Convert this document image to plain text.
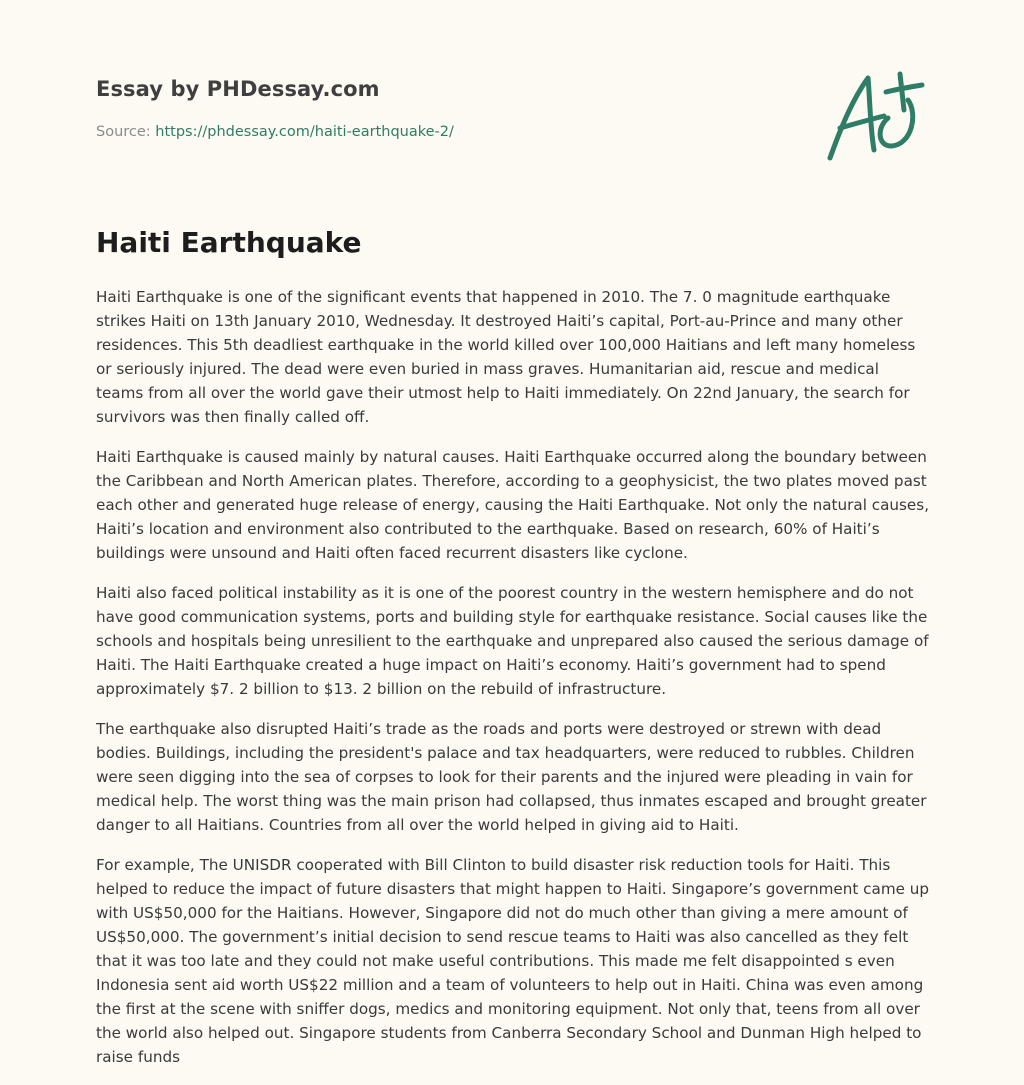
Essay by PHDessay.com
Source: https://phdessay.com/haiti-earthquake-2/
Haiti Earthquake

Haiti Earthquake is one of the significant events that happened in 2010. The 7. 0 magnitude earthquake strikes Haiti on 13th January 2010, Wednesday. It destroyed Haiti’s capital, Port-au-Prince and many other residences. This 5th deadliest earthquake in the world killed over 100,000 Haitians and left many homeless or seriously injured. The dead were even buried in mass graves. Humanitarian aid, rescue and medical teams from all over the world gave their utmost help to Haiti immediately. On 22nd January, the search for survivors was then finally called off.

Haiti Earthquake is caused mainly by natural causes. Haiti Earthquake occurred along the boundary between the Caribbean and North American plates. Therefore, according to a geophysicist, the two plates moved past each other and generated huge release of energy, causing the Haiti Earthquake. Not only the natural causes, Haiti’s location and environment also contributed to the earthquake. Based on research, 60% of Haiti’s buildings were unsound and Haiti often faced recurrent disasters like cyclone.

Haiti also faced political instability as it is one of the poorest country in the western hemisphere and do not have good communication systems, ports and building style for earthquake resistance. Social causes like the schools and hospitals being unresilient to the earthquake and unprepared also caused the serious damage of Haiti. The Haiti Earthquake created a huge impact on Haiti’s economy. Haiti’s government had to spend approximately $7. 2 billion to $13. 2 billion on the rebuild of infrastructure.

The earthquake also disrupted Haiti’s trade as the roads and ports were destroyed or strewn with dead bodies. Buildings, including the president's palace and tax headquarters, were reduced to rubbles. Children were seen digging into the sea of corpses to look for their parents and the injured were pleading in vain for medical help. The worst thing was the main prison had collapsed, thus inmates escaped and brought greater danger to all Haitians. Countries from all over the world helped in giving aid to Haiti.

For example, The UNISDR cooperated with Bill Clinton to build disaster risk reduction tools for Haiti. This helped to reduce the impact of future disasters that might happen to Haiti. Singapore’s government came up with US$50,000 for the Haitians. However, Singapore did not do much other than giving a mere amount of US$50,000. The government’s initial decision to send rescue teams to Haiti was also cancelled as they felt that it was too late and they could not make useful contributions. This made me felt disappointed s even Indonesia sent aid worth US$22 million and a team of volunteers to help out in Haiti. China was even among the first at the scene with sniffer dogs, medics and monitoring equipment. Not only that, teens from all over the world also helped out. Singapore students from Canberra Secondary School and Dunman High helped to raise funds
